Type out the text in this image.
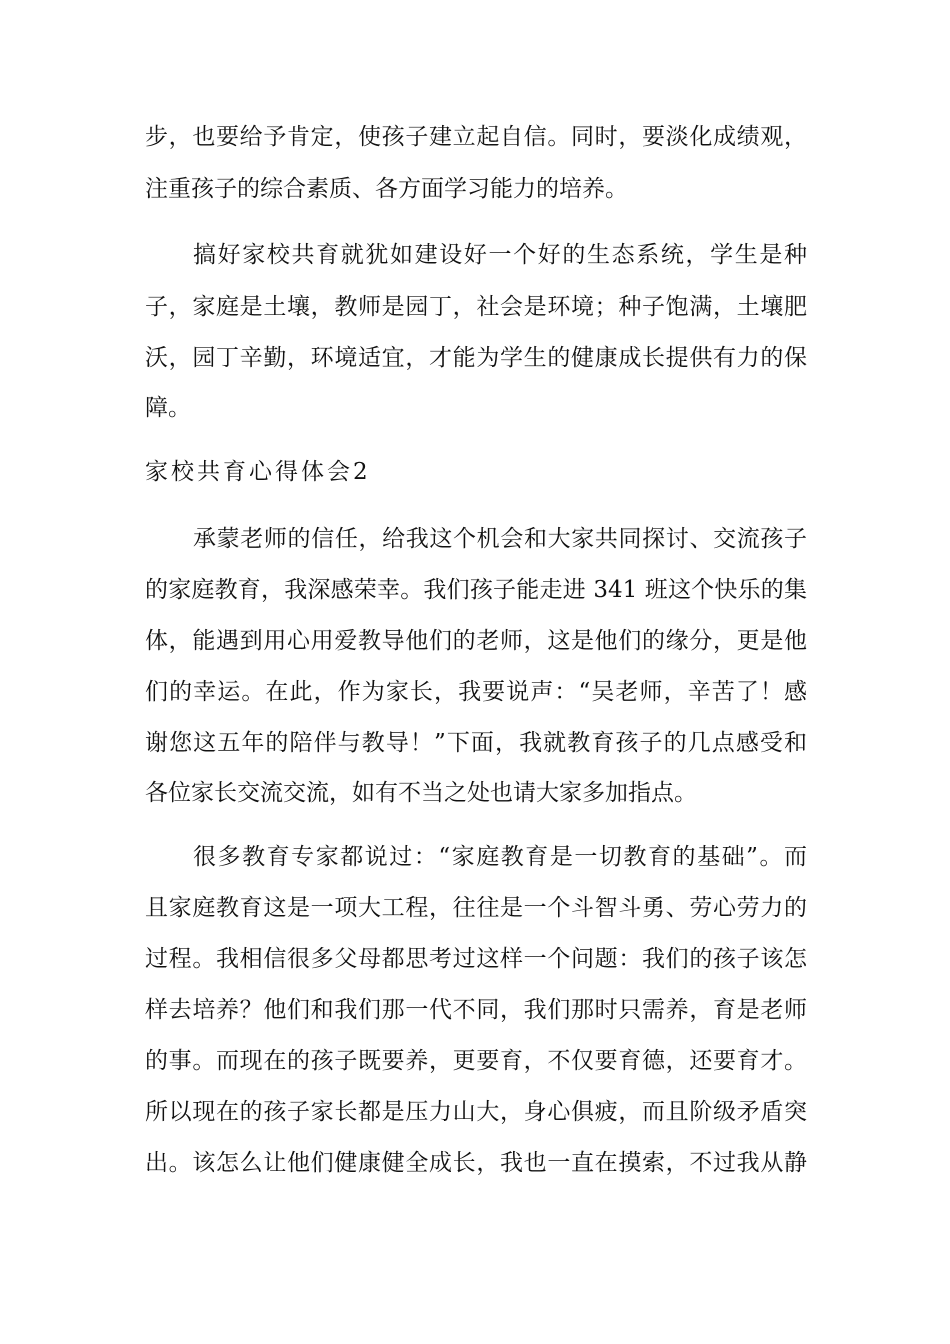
步，也要给予肯定，使孩子建立起自信。同时，要淡化成绩观，
注重孩子的综合素质、各方面学习能力的培养。
搞好家校共育就犹如建设好一个好的生态系统，学生是种
子，家庭是土壤，教师是园丁，社会是环境；种子饱满，土壤肥
沃，园丁辛勤，环境适宜，才能为学生的健康成长提供有力的保
障。
家校共育心得体会2
承蒙老师的信任，给我这个机会和大家共同探讨、交流孩子
的家庭教育，我深感荣幸。我们孩子能走进 341 班这个快乐的集
体，能遇到用心用爱教导他们的老师，这是他们的缘分，更是他
们的幸运。在此，作为家长，我要说声：“吴老师，辛苦了！感
谢您这五年的陪伴与教导！”下面，我就教育孩子的几点感受和
各位家长交流交流，如有不当之处也请大家多加指点。
很多教育专家都说过：“家庭教育是一切教育的基础”。而
且家庭教育这是一项大工程，往往是一个斗智斗勇、劳心劳力的
过程。我相信很多父母都思考过这样一个问题：我们的孩子该怎
样去培养？他们和我们那一代不同，我们那时只需养，育是老师
的事。而现在的孩子既要养，更要育，不仅要育德，还要育才。
所以现在的孩子家长都是压力山大，身心俱疲，而且阶级矛盾突
出。该怎么让他们健康健全成长，我也一直在摸索，不过我从静
